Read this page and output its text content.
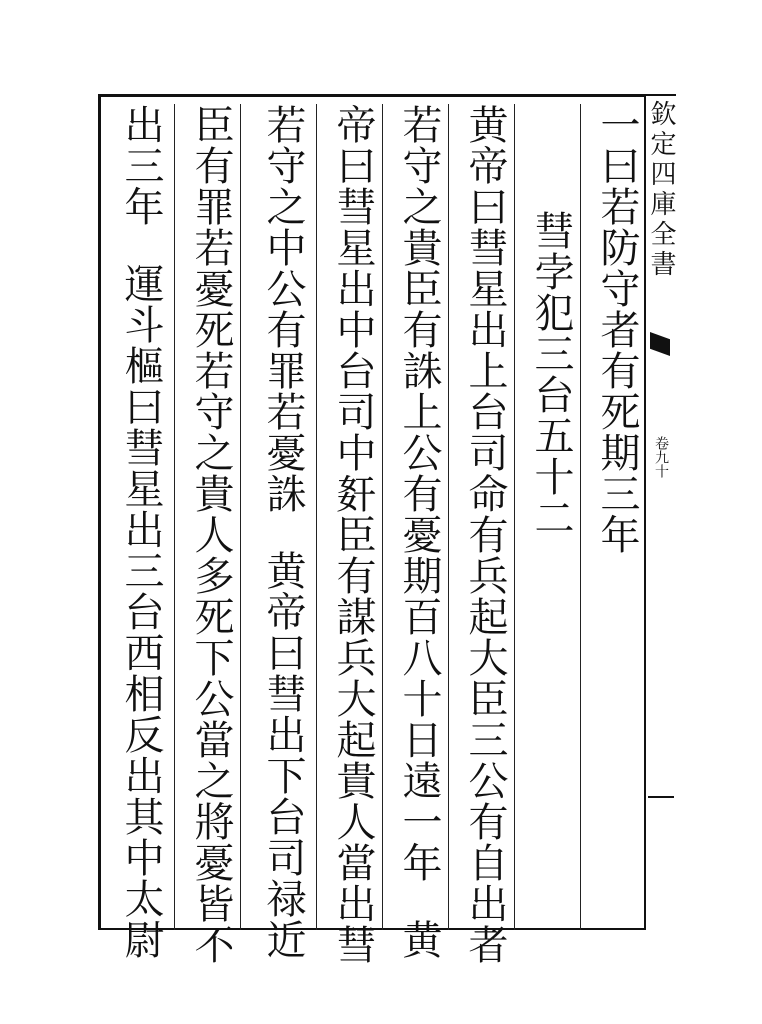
一曰若防守者有死期三年
彗孛犯三台五十二
黄帝曰彗星出上台司命有兵起大臣三公有自出者
若守之貴臣有誅上公有憂期百八十日遠一年黄
帝曰彗星出中台司中姧臣有謀兵大起貴人當出彗
若守之中公有罪若憂誅黄帝曰彗出下台司禄近
臣有罪若憂死若守之貴人多死下公當之將憂皆不
出三年運斗樞曰彗星出三台西相反出其中太尉
欽定四庫全書
卷九十
